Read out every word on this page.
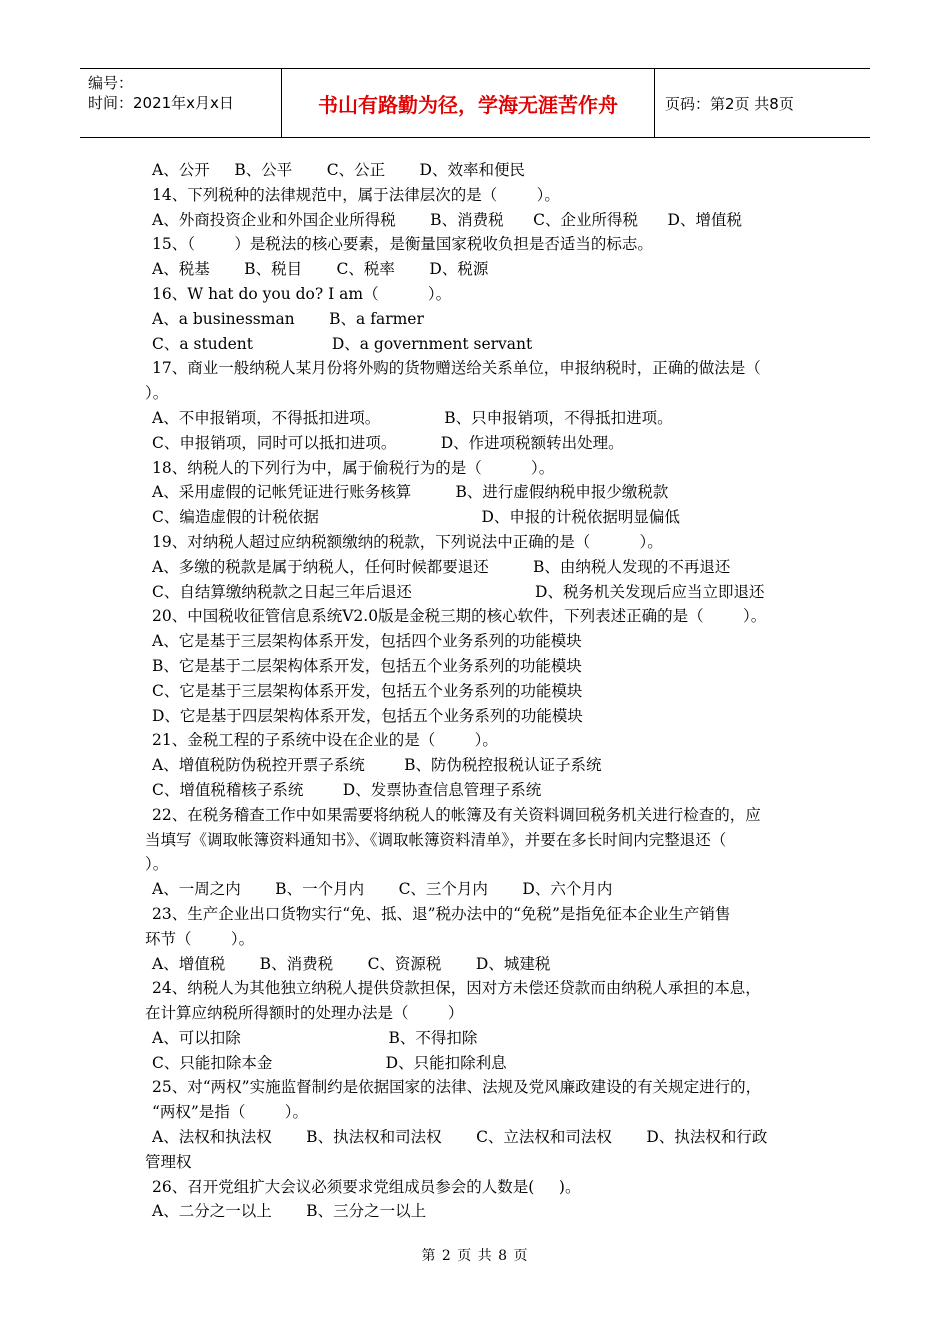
编号：
时间：2021年x月x日	书山有路勤为径，学海无涯苦作舟	页码：第2页 共8页
A、公开     B、公平       C、公正       D、效率和便民
14、下列税种的法律规范中，属于法律层次的是（        ）。
A、外商投资企业和外国企业所得税       B、消费税      C、企业所得税      D、增值税
15、（        ）是税法的核心要素，是衡量国家税收负担是否适当的标志。
A、税基       B、税目       C、税率       D、税源
16、W hat do you do? I am（          ）。
A、a businessman       B、a farmer
C、a student                D、a government servant
17、商业一般纳税人某月份将外购的货物赠送给关系单位，申报纳税时，正确的做法是（
）。
A、不申报销项，不得抵扣进项。             B、只申报销项，不得抵扣进项。
C、申报销项，同时可以抵扣进项。         D、作进项税额转出处理。
18、纳税人的下列行为中，属于偷税行为的是（          ）。
A、采用虚假的记帐凭证进行账务核算         B、进行虚假纳税申报少缴税款
C、编造虚假的计税依据                                 D、申报的计税依据明显偏低
19、对纳税人超过应纳税额缴纳的税款，下列说法中正确的是（          ）。
A、多缴的税款是属于纳税人，任何时候都要退还         B、由纳税人发现的不再退还
C、自结算缴纳税款之日起三年后退还                         D、税务机关发现后应当立即退还
20、中国税收征管信息系统V2.0版是金税三期的核心软件，下列表述正确的是（        ）。
A、它是基于三层架构体系开发，包括四个业务系列的功能模块
B、它是基于二层架构体系开发，包括五个业务系列的功能模块
C、它是基于三层架构体系开发，包括五个业务系列的功能模块
D、它是基于四层架构体系开发，包括五个业务系列的功能模块
21、金税工程的子系统中设在企业的是（        ）。
A、增值税防伪税控开票子系统        B、防伪税控报税认证子系统
C、增值税稽核子系统        D、发票协查信息管理子系统
22、在税务稽查工作中如果需要将纳税人的帐簿及有关资料调回税务机关进行检查的，应
当填写《调取帐簿资料通知书》、《调取帐簿资料清单》，并要在多长时间内完整退还（
）。
A、一周之内       B、一个月内       C、三个月内       D、六个月内
23、生产企业出口货物实行“免、抵、退”税办法中的“免税”是指免征本企业生产销售
环节（        ）。
A、增值税       B、消费税       C、资源税       D、城建税
24、纳税人为其他独立纳税人提供贷款担保，因对方未偿还贷款而由纳税人承担的本息，
在计算应纳税所得额时的处理办法是（        ）
A、可以扣除                              B、不得扣除
C、只能扣除本金                       D、只能扣除利息
25、对“两权”实施监督制约是依据国家的法律、法规及党风廉政建设的有关规定进行的，
“两权”是指（        ）。
A、法权和执法权       B、执法权和司法权       C、立法权和司法权       D、执法权和行政
管理权
26、召开党组扩大会议必须要求党组成员参会的人数是(     )。
A、二分之一以上       B、三分之一以上
第 2 页 共 8 页
